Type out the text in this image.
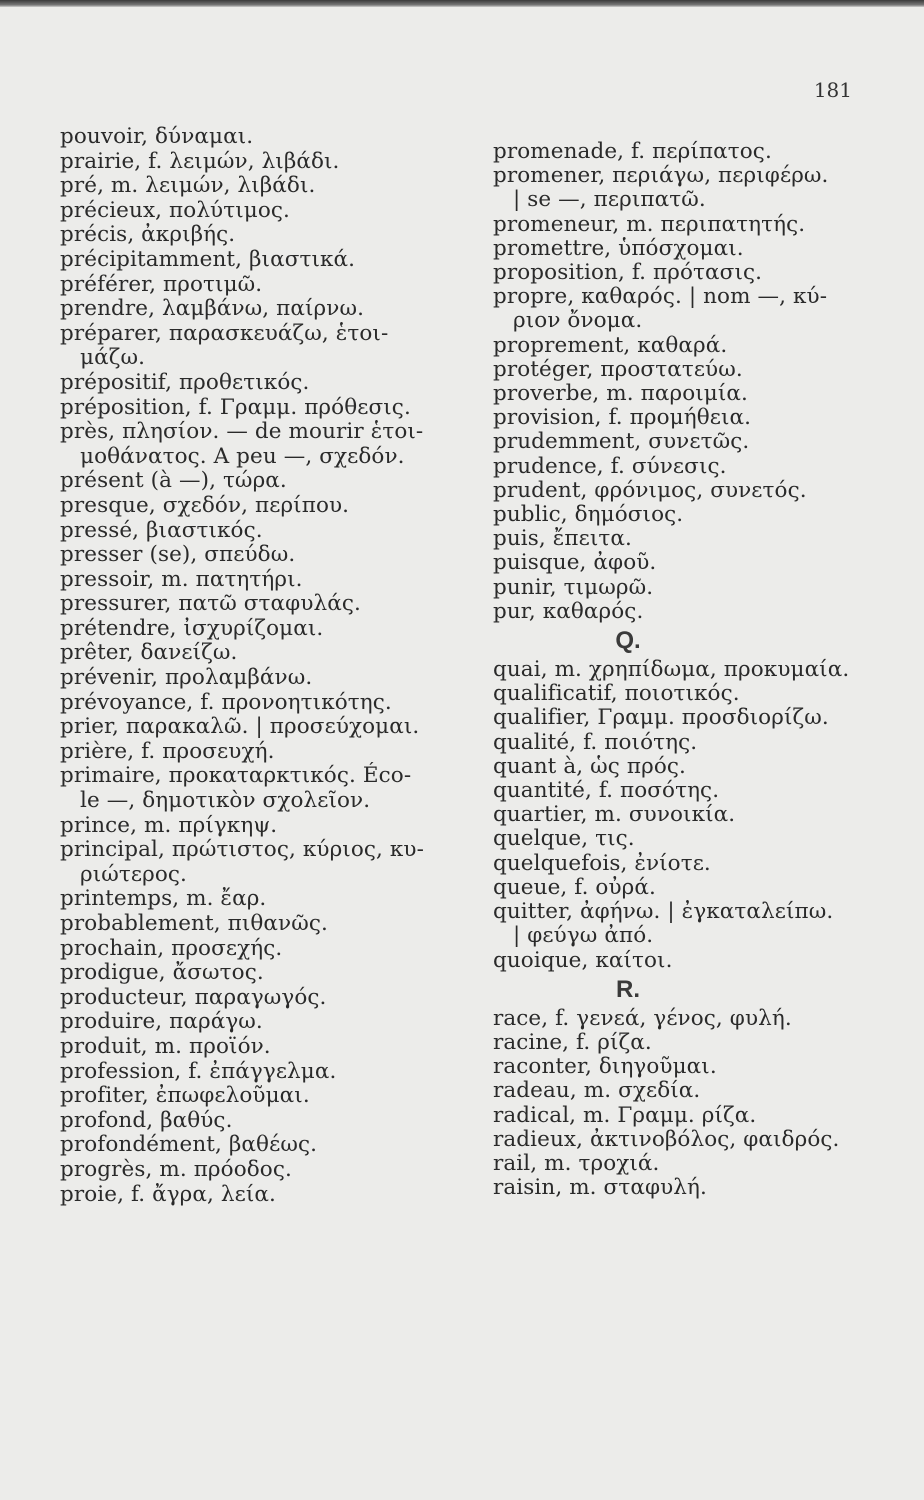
181
pouvoir, δύναμαι.
prairie, f. λειμών, λιβάδι.
pré, m. λειμών, λιβάδι.
précieux, πολύτιμος.
précis, ἀκριβής.
précipitamment, βιαστικά.
préférer, προτιμῶ.
prendre, λαμβάνω, παίρνω.
préparer, παρασκευάζω, ἑτοι-
μάζω.
prépositif, προθετικός.
préposition, f. Γραμμ. πρόθεσις.
près, πλησίον. — de mourir ἑτοι-
μοθάνατος. A peu —, σχεδόν.
présent (à —), τώρα.
presque, σχεδόν, περίπου.
pressé, βιαστικός.
presser (se), σπεύδω.
pressoir, m. πατητήρι.
pressurer, πατῶ σταφυλάς.
prétendre, ἰσχυρίζομαι.
prêter, δανείζω.
prévenir, προλαμβάνω.
prévoyance, f. προνοητικότης.
prier, παρακαλῶ. | προσεύχομαι.
prière, f. προσευχή.
primaire, προκαταρκτικός. Éco-
le —, δημοτικὸν σχολεῖον.
prince, m. πρίγκηψ.
principal, πρώτιστος, κύριος, κυ-
ριώτερος.
printemps, m. ἔαρ.
probablement, πιθανῶς.
prochain, προσεχής.
prodigue, ἄσωτος.
producteur, παραγωγός.
produire, παράγω.
produit, m. προϊόν.
profession, f. ἐπάγγελμα.
profiter, ἐπωφελοῦμαι.
profond, βαθύς.
profondément, βαθέως.
progrès, m. πρόοδος.
proie, f. ἄγρα, λεία.
promenade, f. περίπατος.
promener, περιάγω, περιφέρω.
| se —, περιπατῶ.
promeneur, m. περιπατητής.
promettre, ὑπόσχομαι.
proposition, f. πρότασις.
propre, καθαρός. | nom —, κύ-
ριον ὄνομα.
proprement, καθαρά.
protéger, προστατεύω.
proverbe, m. παροιμία.
provision, f. προμήθεια.
prudemment, συνετῶς.
prudence, f. σύνεσις.
prudent, φρόνιμος, συνετός.
public, δημόσιος.
puis, ἔπειτα.
puisque, ἀφοῦ.
punir, τιμωρῶ.
pur, καθαρός.
Q.
quai, m. χρηπίδωμα, προκυμαία.
qualificatif, ποιοτικός.
qualifier, Γραμμ. προσδιορίζω.
qualité, f. ποιότης.
quant à, ὡς πρός.
quantité, f. ποσότης.
quartier, m. συνοικία.
quelque, τις.
quelquefois, ἐνίοτε.
queue, f. οὐρά.
quitter, ἀφήνω. | ἐγκαταλείπω.
| φεύγω ἀπό.
quoique, καίτοι.
R.
race, f. γενεά, γένος, φυλή.
racine, f. ρίζα.
raconter, διηγοῦμαι.
radeau, m. σχεδία.
radical, m. Γραμμ. ρίζα.
radieux, ἀκτινοβόλος, φαιδρός.
rail, m. τροχιά.
raisin, m. σταφυλή.
